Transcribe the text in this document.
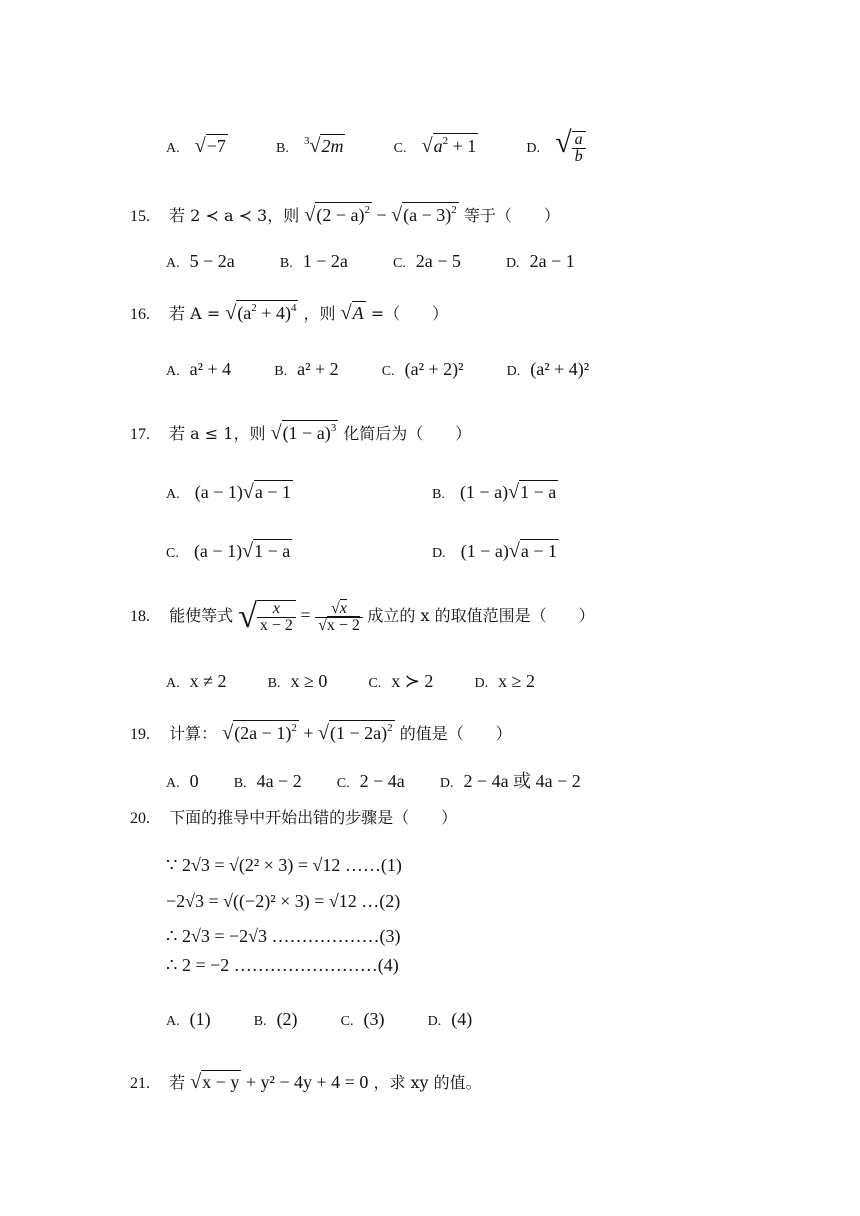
A. √−7	B. $^3$√2m	C. $√a^2 + 1$	D. √ $\frac{a}{b}$
15. 若 2 ≺ a ≺ 3，则 $√(2 - a)^2 - √(a - 3)^2$ 等于（　　）
A. 5 − 2a	B. 1 − 2a	C. 2a − 5	D. 2a − 1
16. 若 $A = √(a^2 + 4)^4$ ，则 √A =（　　）
A. a² + 4	B. a² + 2	C. (a² + 2)²	D. (a² + 4)²
17. 若 a ≤ 1，则 $√(1 - a)^3$ 化简后为（　　）
A. (a − 1)√a − 1	B. (1 − a)√1 − a
C. (a − 1)√1 − a	D. (1 − a)√a − 1
18. 能使等式 √ $\frac{x}{x - 2} = \frac{√x}{√x - 2}$ 成立的 x 的取值范围是（　　）
A. x ≠ 2	B. x ≥ 0	C. x ≻ 2	D. x ≥ 2
19. 计算： $√(2a - 1)^2 + √(1 - 2a)^2$ 的值是（　　）
A. 0	B. 4a − 2	C. 2 − 4a	D. 2 − 4a 或 4a − 2
20. 下面的推导中开始出错的步骤是（　　）
∵ 2√3 = √(2² × 3) = √12 ……(1)
−2√3 = √((−2)² × 3) = √12 …(2)
∴ 2√3 = −2√3 ………………(3)
∴ 2 = −2 ……………………(4)
A. (1)	B. (2)	C. (3)	D. (4)
21. 若 √x − y + y² − 4y + 4 = 0 ，求 xy 的值。
